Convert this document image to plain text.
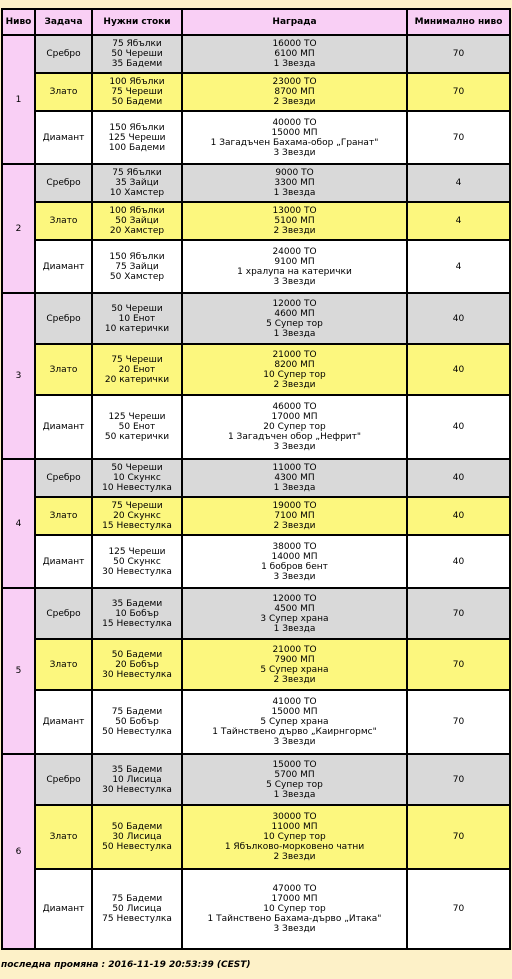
Ниво	Задача	Нужни стоки	Награда	Минимално ниво
1	Сребро	75 Ябълки
50 Череши
35 Бадеми	16000 ТО
6100 МП
1 Звезда	70
	Злато	100 Ябълки
75 Череши
50 Бадеми	23000 ТО
8700 МП
2 Звезди	70
	Диамант	150 Ябълки
125 Череши
100 Бадеми	40000 ТО
15000 МП
1 Загадъчен Бахама-обор „Гранат"
3 Звезди	70
2	Сребро	75 Ябълки
35 Зайци
10 Хамстер	9000 ТО
3300 МП
1 Звезда	4
	Злато	100 Ябълки
50 Зайци
20 Хамстер	13000 ТО
5100 МП
2 Звезди	4
	Диамант	150 Ябълки
75 Зайци
50 Хамстер	24000 ТО
9100 МП
1 хралупа на катерички
3 Звезди	4
3	Сребро	50 Череши
10 Енот
10 катерички	12000 ТО
4600 МП
5 Супер тор
1 Звезда	40
	Злато	75 Череши
20 Енот
20 катерички	21000 ТО
8200 МП
10 Супер тор
2 Звезди	40
	Диамант	125 Череши
50 Енот
50 катерички	46000 ТО
17000 МП
20 Супер тор
1 Загадъчен обор „Нефрит"
3 Звезди	40
4	Сребро	50 Череши
10 Скункс
10 Невестулка	11000 ТО
4300 МП
1 Звезда	40
	Злато	75 Череши
20 Скункс
15 Невестулка	19000 ТО
7100 МП
2 Звезди	40
	Диамант	125 Череши
50 Скункс
30 Невестулка	38000 ТО
14000 МП
1 бобров бент
3 Звезди	40
5	Сребро	35 Бадеми
10 Бобър
15 Невестулка	12000 ТО
4500 МП
3 Супер храна
1 Звезда	70
	Злато	50 Бадеми
20 Бобър
30 Невестулка	21000 ТО
7900 МП
5 Супер храна
2 Звезди	70
	Диамант	75 Бадеми
50 Бобър
50 Невестулка	41000 ТО
15000 МП
5 Супер храна
1 Тайнствено дърво „Каирнгормс"
3 Звезди	70
6	Сребро	35 Бадеми
10 Лисица
30 Невестулка	15000 ТО
5700 МП
5 Супер тор
1 Звезда	70
	Злато	50 Бадеми
30 Лисица
50 Невестулка	30000 ТО
11000 МП
10 Супер тор
1 Ябълково-морковено чатни
2 Звезди	70
	Диамант	75 Бадеми
50 Лисица
75 Невестулка	47000 ТО
17000 МП
10 Супер тор
1 Тайнствено Бахама-дърво „Итака"
3 Звезди	70
последна промяна : 2016-11-19 20:53:39 (CEST)
